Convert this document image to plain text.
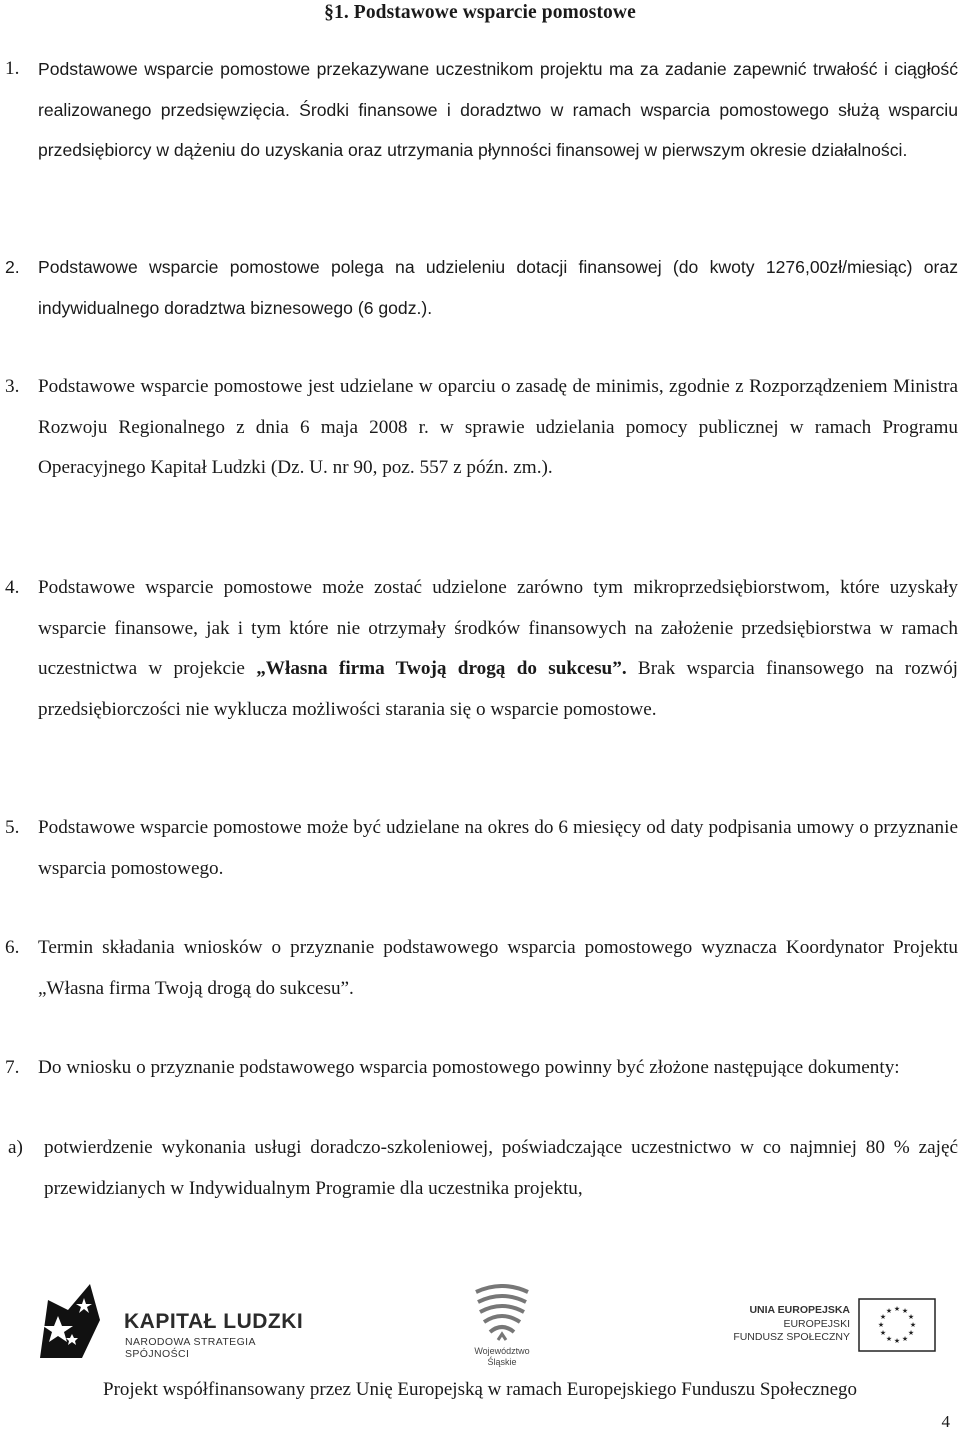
§1. Podstawowe wsparcie pomostowe
1. Podstawowe wsparcie pomostowe przekazywane uczestnikom projektu ma za zadanie zapewnić trwałość i ciągłość realizowanego przedsięwzięcia. Środki finansowe i doradztwo w ramach wsparcia pomostowego służą wsparciu przedsiębiorcy w dążeniu do uzyskania oraz utrzymania płynności finansowej w pierwszym okresie działalności.
2. Podstawowe wsparcie pomostowe polega na udzieleniu dotacji finansowej (do kwoty 1276,00zł/miesiąc) oraz indywidualnego doradztwa biznesowego (6 godz.).
3. Podstawowe wsparcie pomostowe jest udzielane w oparciu o zasadę de minimis, zgodnie z Rozporządzeniem Ministra Rozwoju Regionalnego z dnia 6 maja 2008 r. w sprawie udzielania pomocy publicznej w ramach Programu Operacyjnego Kapitał Ludzki (Dz. U. nr 90, poz. 557 z późn. zm.).
4. Podstawowe wsparcie pomostowe może zostać udzielone zarówno tym mikroprzedsiębiorstwom, które uzyskały wsparcie finansowe, jak i tym które nie otrzymały środków finansowych na założenie przedsiębiorstwa w ramach uczestnictwa w projekcie „Własna firma Twoją drogą do sukcesu”. Brak wsparcia finansowego na rozwój przedsiębiorczości nie wyklucza możliwości starania się o wsparcie pomostowe.
5. Podstawowe wsparcie pomostowe może być udzielane na okres do 6 miesięcy od daty podpisania umowy o przyznanie wsparcia pomostowego.
6. Termin składania wniosków o przyznanie podstawowego wsparcia pomostowego wyznacza Koordynator Projektu „Własna firma Twoją drogą do sukcesu”.
7. Do wniosku o przyznanie podstawowego wsparcia pomostowego powinny być złożone następujące dokumenty:
a) potwierdzenie wykonania usługi doradczo-szkoleniowej, poświadczające uczestnictwo w co najmniej 80 % zajęć przewidzianych w Indywidualnym Programie dla uczestnika projektu,
KAPITAŁ LUDZKI
NARODOWA STRATEGIA SPÓJNOŚCI	Województwo
Śląskie
UNIA EUROPEJSKA
EUROPEJSKI
FUNDUSZ SPOŁECZNY
★ ★
★
★
★
★
★
★
★
★
★
★
Projekt współfinansowany przez Unię Europejską w ramach Europejskiego Funduszu Społecznego
4
